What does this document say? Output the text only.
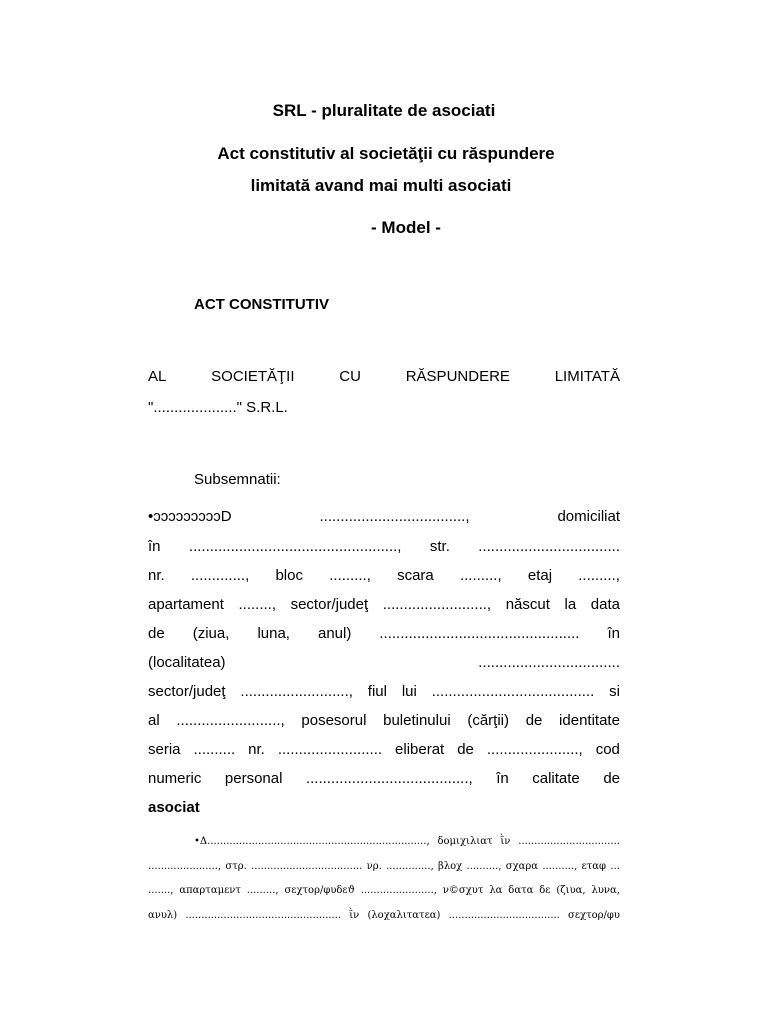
SRL - pluralitate de asociati
Act constitutiv al societăţii cu răspundere
limitată avand mai multi asociati
- Model -
ACT CONSTITUTIV
AL	SOCIETĂŢII	CU	RĂSPUNDERE	LIMITATĂ
"...................." S.R.L.
Subsemnatii:
•ɔɔɔɔɔɔɔɔɔD	...................................,	domiciliat
în .................................................., str. ..................................
nr. ............., bloc ........., scara ........., etaj .........,
apartament ........, sector/judeţ ........................., născut la data
de (ziua, luna, anul) ................................................ în
(localitatea)	..................................
sector/judeţ .........................., fiul lui ....................................... si
al ........................., posesorul buletinului (cărţii) de identitate
seria .......... nr. ......................... eliberat de ......................, cod
numeric personal ......................................., în calitate de
asociat
•Δ....................................................................., δομιχιλιατ ῒν ................................
......................, στρ. ................................... νρ. .............., βλοχ .........., σχαρα .........., εταφ ...
......., απαρταμεντ ........., σεχτορ/φυδεϑ ......................., ν©σχυτ λα δατα δε (ζιυα, λυνα,
ανυλ) ................................................. ῒν (λοχαλιτατεα) ................................... σεχτορ/φυ
